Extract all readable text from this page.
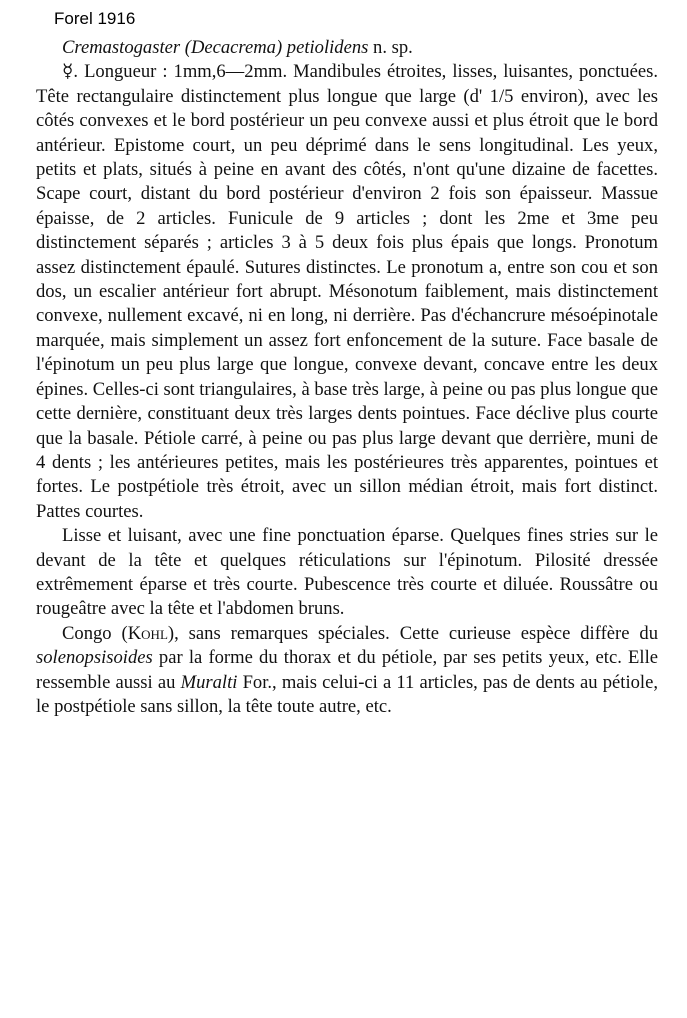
Forel 1916

Cremastogaster (Decacrema) petiolidens n. sp.

☿. Longueur : 1mm,6—2mm. Mandibules étroites, lisses, luisantes, ponctuées. Tête rectangulaire distinctement plus longue que large (d' 1/5 environ), avec les côtés convexes et le bord postérieur un peu convexe aussi et plus étroit que le bord antérieur. Epistome court, un peu déprimé dans le sens longitudinal. Les yeux, petits et plats, situés à peine en avant des côtés, n'ont qu'une dizaine de facettes. Scape court, distant du bord postérieur d'environ 2 fois son épaisseur. Massue épaisse, de 2 articles. Funicule de 9 articles ; dont les 2me et 3me peu distinctement séparés ; articles 3 à 5 deux fois plus épais que longs. Pronotum assez distinctement épaulé. Sutures distinctes. Le pronotum a, entre son cou et son dos, un escalier antérieur fort abrupt. Mésonotum faiblement, mais distinctement convexe, nullement excavé, ni en long, ni derrière. Pas d'échancrure mésoépinotale marquée, mais simplement un assez fort enfoncement de la suture. Face basale de l'épinotum un peu plus large que longue, convexe devant, concave entre les deux épines. Celles-ci sont triangulaires, à base très large, à peine ou pas plus longue que cette dernière, constituant deux très larges dents pointues. Face déclive plus courte que la basale. Pétiole carré, à peine ou pas plus large devant que derrière, muni de 4 dents ; les antérieures petites, mais les postérieures très apparentes, pointues et fortes. Le postpétiole très étroit, avec un sillon médian étroit, mais fort distinct. Pattes courtes.

Lisse et luisant, avec une fine ponctuation éparse. Quelques fines stries sur le devant de la tête et quelques réticulations sur l'épinotum. Pilosité dressée extrêmement éparse et très courte. Pubescence très courte et diluée. Roussâtre ou rougeâtre avec la tête et l'abdomen bruns.

Congo (Kohl), sans remarques spéciales. Cette curieuse espèce diffère du solenopsisoides par la forme du thorax et du pétiole, par ses petits yeux, etc. Elle ressemble aussi au Muralti For., mais celui-ci a 11 articles, pas de dents au pétiole, le postpétiole sans sillon, la tête toute autre, etc.
